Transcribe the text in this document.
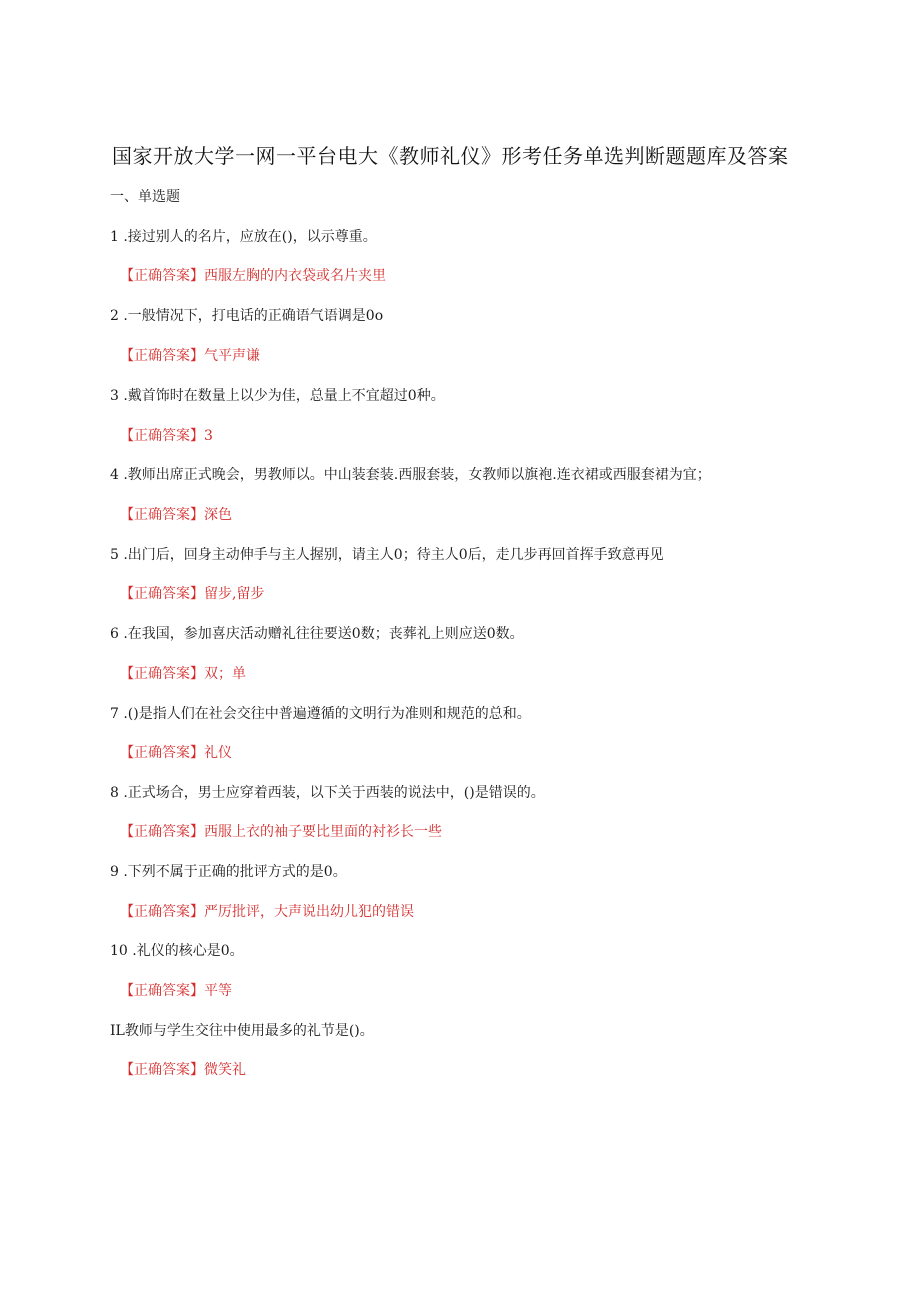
国家开放大学一网一平台电大《教师礼仪》形考任务单选判断题题库及答案
一、单选题
1 .接过别人的名片，应放在()，以示尊重。
【正确答案】西服左胸的内衣袋或名片夹里
2 .一般情况下，打电话的正确语气语调是0o
【正确答案】气平声谦
3 .戴首饰时在数量上以少为佳，总量上不宜超过0种。
【正确答案】3
4 .教师出席正式晚会，男教师以。中山装套装.西服套装，女教师以旗袍.连衣裙或西服套裙为宜；
【正确答案】深色
5 .出门后，回身主动伸手与主人握别，请主人0；待主人0后，走几步再回首挥手致意再见
【正确答案】留步,留步
6 .在我国，参加喜庆活动赠礼往往要送0数；丧葬礼上则应送0数。
【正确答案】双；单
7 .()是指人们在社会交往中普遍遵循的文明行为准则和规范的总和。
【正确答案】礼仪
8 .正式场合，男士应穿着西装，以下关于西装的说法中，()是错误的。
【正确答案】西服上衣的袖子要比里面的衬衫长一些
9 .下列不属于正确的批评方式的是0。
【正确答案】严厉批评，大声说出幼儿犯的错误
10 .礼仪的核心是0。
【正确答案】平等
IL教师与学生交往中使用最多的礼节是()。
【正确答案】微笑礼
